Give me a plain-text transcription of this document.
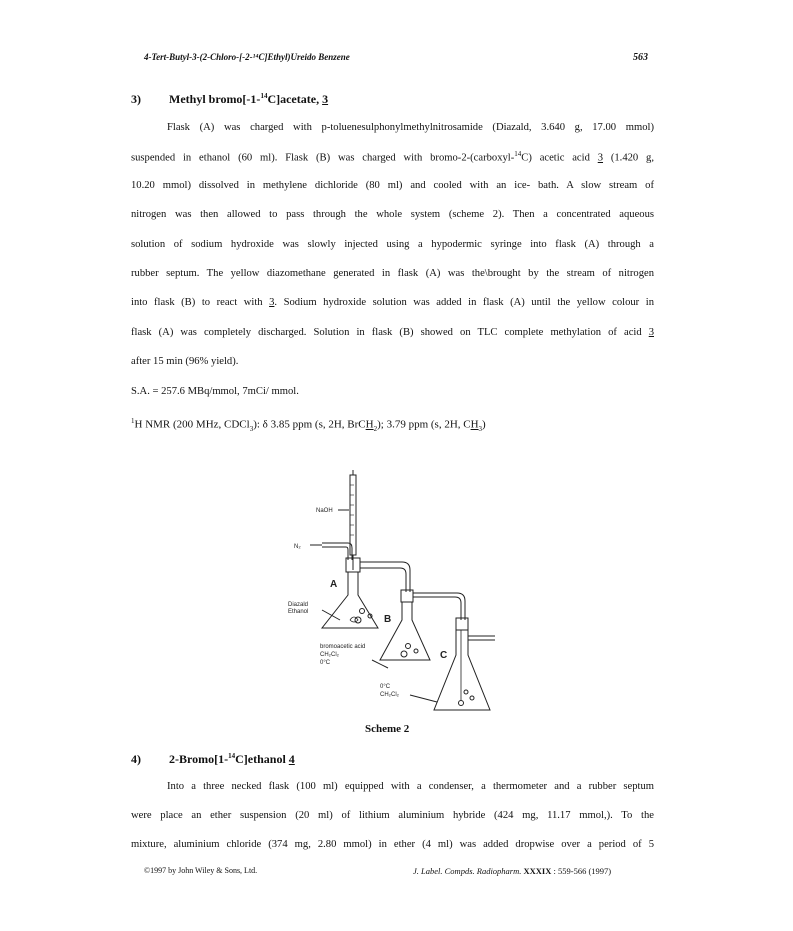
4-Tert-Butyl-3-(2-Chloro-[-2-¹⁴C]Ethyl)Ureido Benzene	563
3) Methyl bromo[-1-$^{14}$C]acetate, 3
Flask (A) was charged with p-toluenesulphonylmethylnitrosamide (Diazald, 3.640 g, 17.00 mmol)
suspended in ethanol (60 ml). Flask (B) was charged with bromo-2-(carboxyl-$^{14}$C) acetic acid 3 (1.420 g,
10.20 mmol) dissolved in methylene dichloride (80 ml) and cooled with an ice- bath. A slow stream of
nitrogen was then allowed to pass through the whole system (scheme 2). Then a concentrated aqueous
solution of sodium hydroxide was slowly injected using a hypodermic syringe into flask (A) through a
rubber septum. The yellow diazomethane generated in flask (A) was the\brought by the stream of nitrogen
into flask (B) to react with 3. Sodium hydroxide solution was added in flask (A) until the yellow colour in
flask (A) was completely discharged. Solution in flask (B) showed on TLC complete methylation of acid 3
after 15 min (96% yield).
S.A. = 257.6 MBq/mmol, 7mCi/ mmol.
$^1$H NMR (200 MHz, CDCl$_3$): δ 3.85 ppm (s, 2H, BrCH$_2$); 3.79 ppm (s, 2H, $CH_3$)
NaOH
N₂
A
B
C
Diazald
Ethanol
bromoacetic acid
CH₂Cl₂
0°C
0°C
CH₂Cl₂
Scheme 2
4) 2-Bromo[1-$^{14}$C]ethanol 4
Into a three necked flask (100 ml) equipped with a condenser, a thermometer and a rubber septum
were place an ether suspension (20 ml) of lithium aluminium hybride (424 mg, 11.17 mmol,). To the
mixture, aluminium chloride (374 mg, 2.80 mmol) in ether (4 ml) was added dropwise over a period of 5
©1997 by John Wiley & Sons, Ltd.	J. Label. Compds. Radiopharm. XXXIX : 559-566 (1997)
